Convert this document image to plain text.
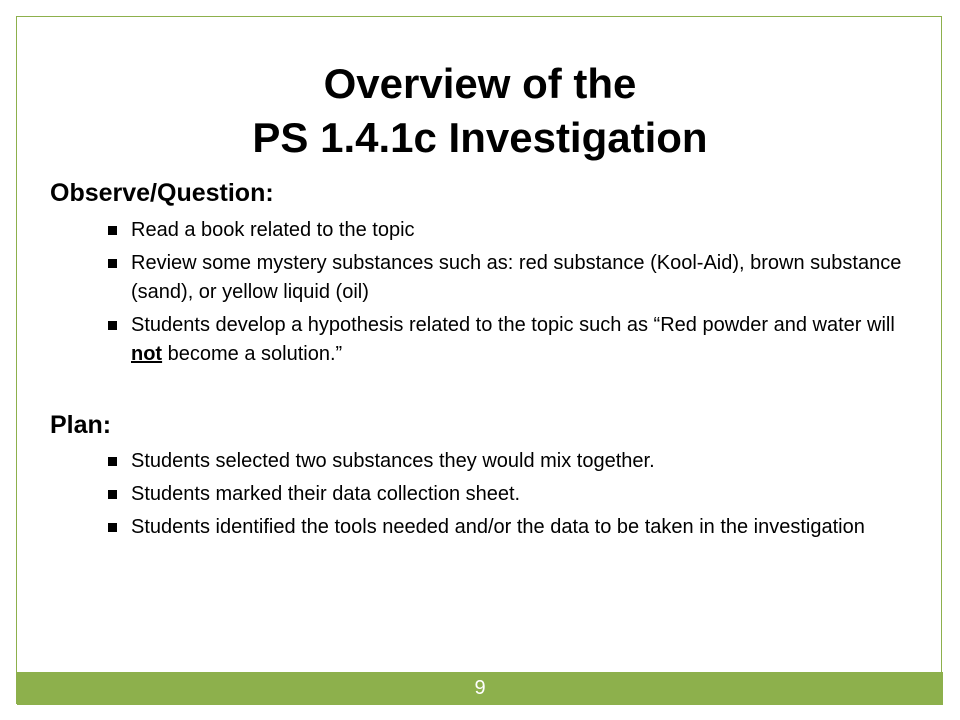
Overview of the
PS 1.4.1c Investigation
Observe/Question:
Read a book related to the topic
Review some mystery substances such as: red substance (Kool-Aid), brown substance (sand), or yellow liquid (oil)
Students develop a hypothesis related to the topic such as “Red powder and water will not become a solution.”
Plan:
Students selected two substances they would mix together.
Students marked their data collection sheet.
Students identified the tools needed and/or the data to be taken in the investigation
9
